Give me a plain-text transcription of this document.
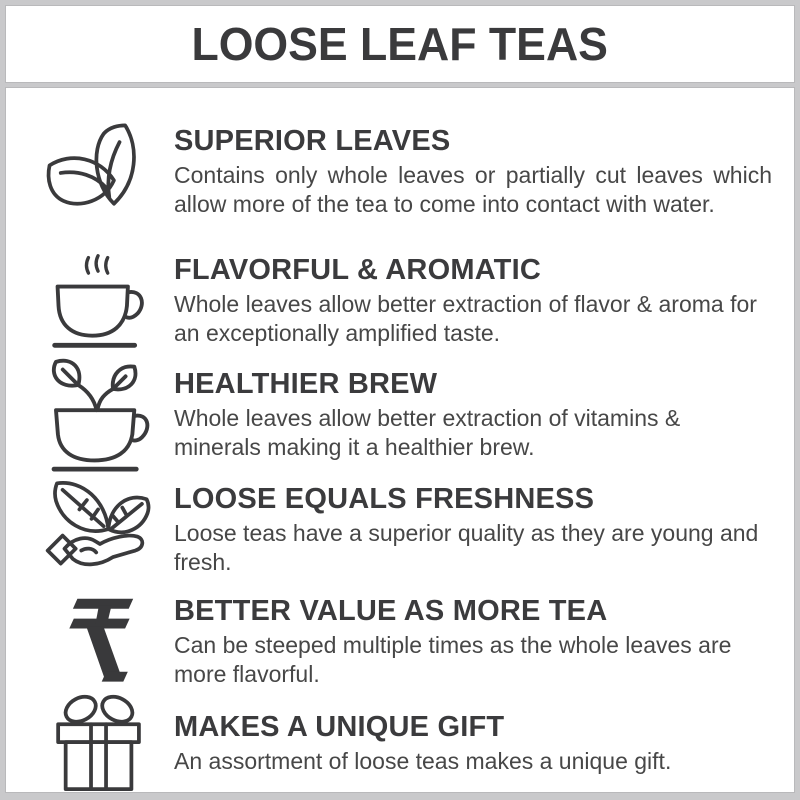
LOOSE LEAF TEAS
SUPERIOR LEAVES

Contains only whole leaves or partially cut leaves which allow more of the tea to come into contact with water.

FLAVORFUL & AROMATIC

Whole leaves allow better extraction of flavor & aroma for an exceptionally amplified taste.

HEALTHIER BREW

Whole leaves allow better extraction of vitamins & minerals making it a healthier brew.

LOOSE EQUALS FRESHNESS

Loose teas have a superior quality as they are young and fresh.

BETTER VALUE AS MORE TEA

Can be steeped multiple times as the whole leaves are more flavorful.

MAKES A UNIQUE GIFT

An assortment of loose teas makes a unique gift.
